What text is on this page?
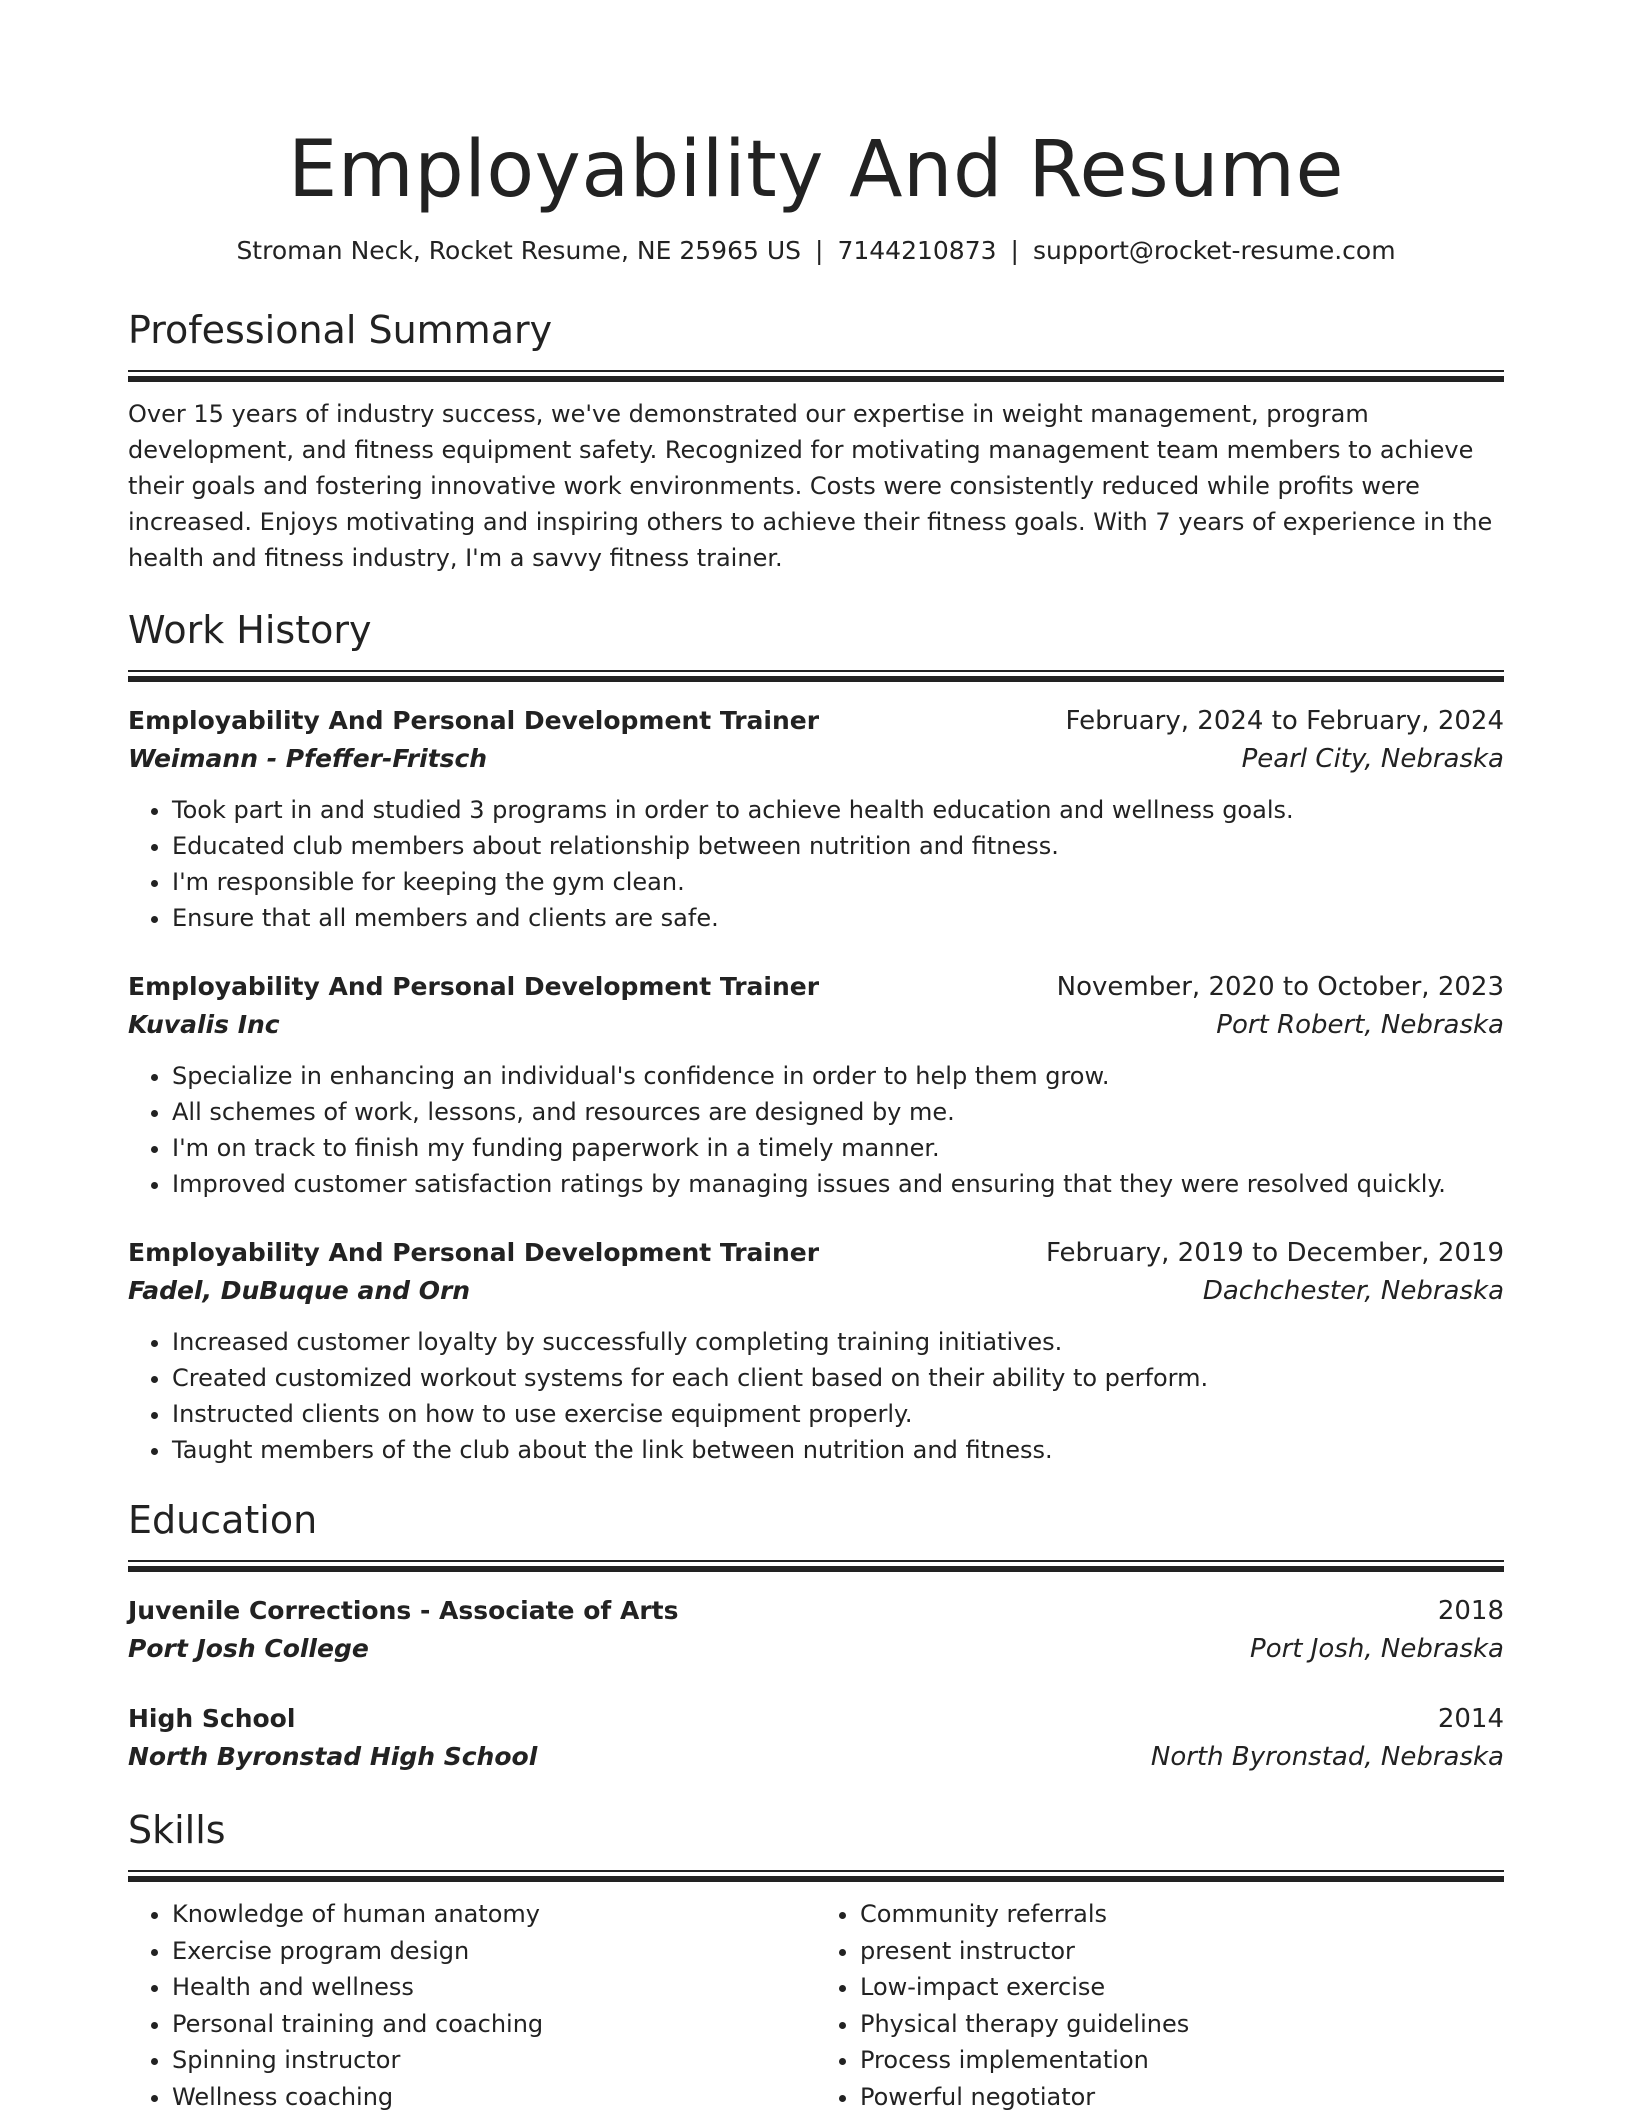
Employability And Resume
Stroman Neck, Rocket Resume, NE 25965 US | 7144210873 | support@rocket-resume.com
Professional Summary

Over 15 years of industry success, we've demonstrated our expertise in weight management, program development, and fitness equipment safety. Recognized for motivating management team members to achieve their goals and fostering innovative work environments. Costs were consistently reduced while profits were increased. Enjoys motivating and inspiring others to achieve their fitness goals. With 7 years of experience in the health and fitness industry, I'm a savvy fitness trainer.

Work History
Employability And Personal Development Trainer	February, 2024 to February, 2024
Weimann - Pfeffer-Fritsch	Pearl City, Nebraska
• Took part in and studied 3 programs in order to achieve health education and wellness goals.
• Educated club members about relationship between nutrition and fitness.
• I'm responsible for keeping the gym clean.
• Ensure that all members and clients are safe.
Employability And Personal Development Trainer	November, 2020 to October, 2023
Kuvalis Inc	Port Robert, Nebraska
• Specialize in enhancing an individual's confidence in order to help them grow.
• All schemes of work, lessons, and resources are designed by me.
• I'm on track to finish my funding paperwork in a timely manner.
• Improved customer satisfaction ratings by managing issues and ensuring that they were resolved quickly.
Employability And Personal Development Trainer	February, 2019 to December, 2019
Fadel, DuBuque and Orn	Dachchester, Nebraska
• Increased customer loyalty by successfully completing training initiatives.
• Created customized workout systems for each client based on their ability to perform.
• Instructed clients on how to use exercise equipment properly.
• Taught members of the club about the link between nutrition and fitness.
Education
Juvenile Corrections - Associate of Arts	2018
Port Josh College	Port Josh, Nebraska
High School	2014
North Byronstad High School	North Byronstad, Nebraska
Skills
• Knowledge of human anatomy
• Exercise program design
• Health and wellness
• Personal training and coaching
• Spinning instructor
• Wellness coaching
• Community referrals
• present instructor
• Low-impact exercise
• Physical therapy guidelines
• Process implementation
• Powerful negotiator
